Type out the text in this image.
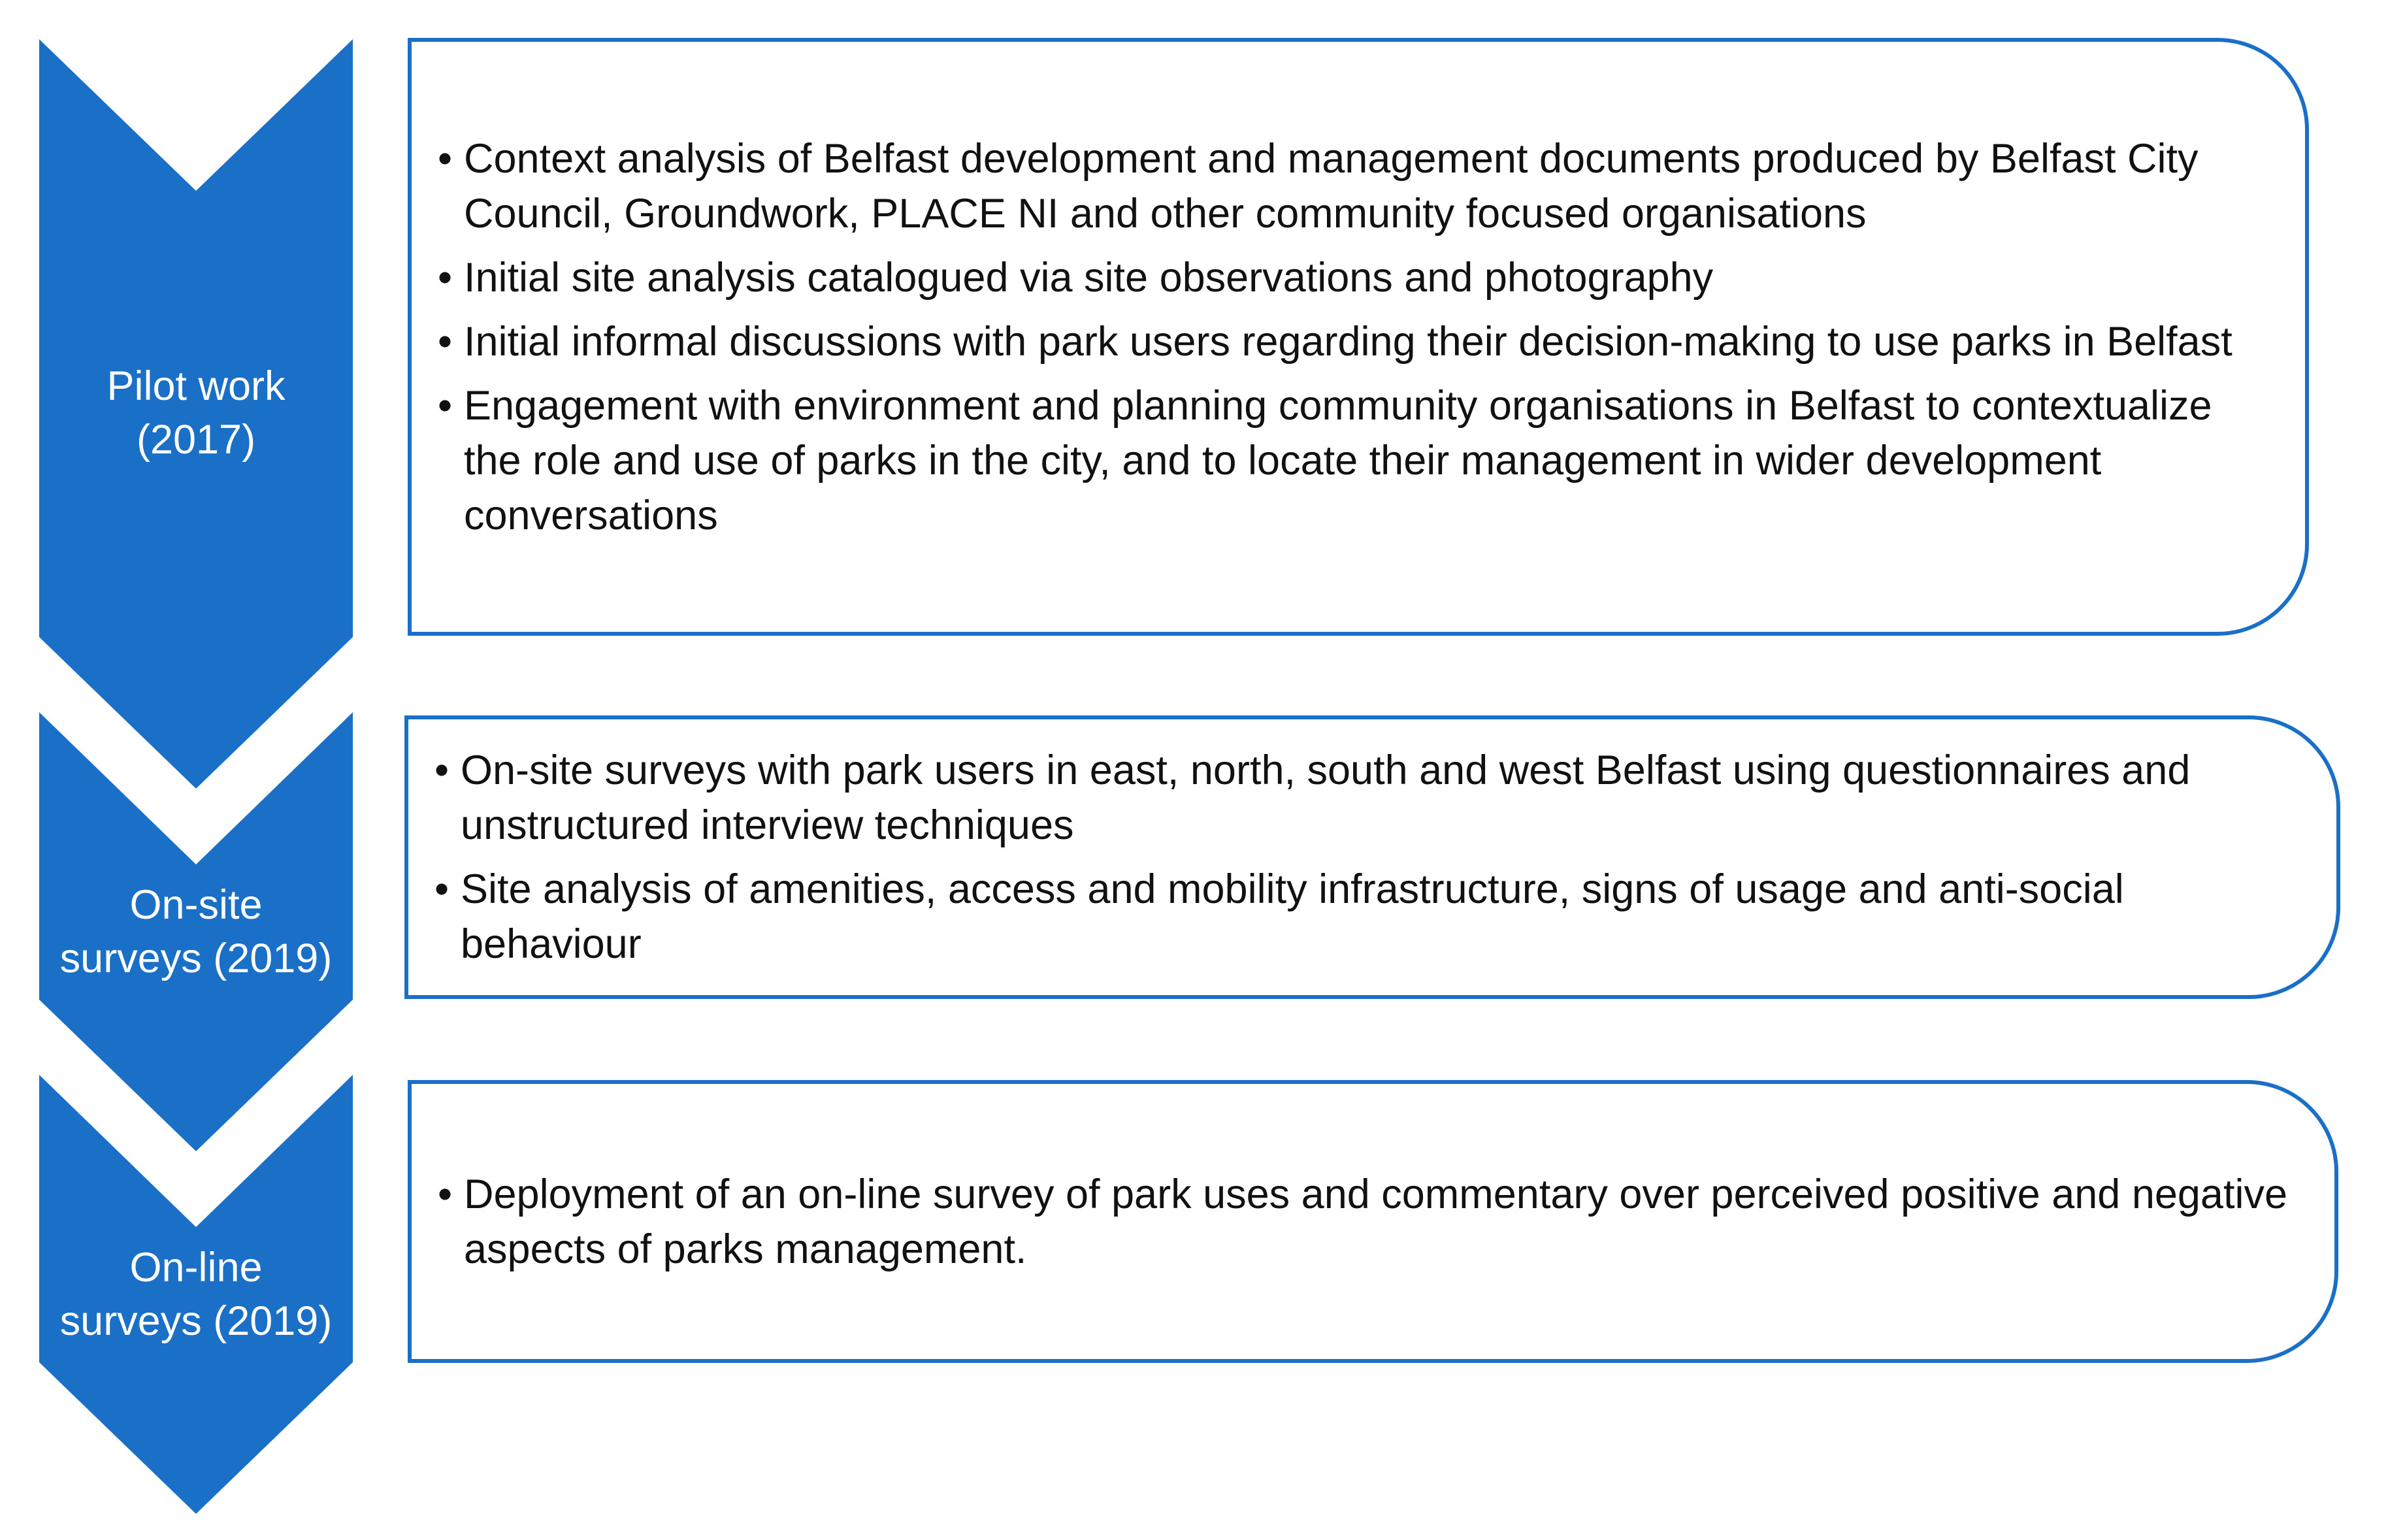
Pilot work
(2017)
On-site
surveys (2019)
On-line
surveys (2019)
• Context analysis of Belfast development and management documents produced by Belfast City Council, Groundwork, PLACE NI and other community focused organisations
• Initial site analysis catalogued via site observations and photography
• Initial informal discussions with park users regarding their decision-making to use parks in Belfast
• Engagement with environment and planning community organisations in Belfast to contextualize the role and use of parks in the city, and to locate their management in wider development conversations
• On-site surveys with park users in east, north, south and west Belfast using questionnaires and unstructured interview techniques
• Site analysis of amenities, access and mobility infrastructure, signs of usage and anti-social behaviour
• Deployment of an on-line survey of park uses and commentary over perceived positive and negative aspects of parks management.
